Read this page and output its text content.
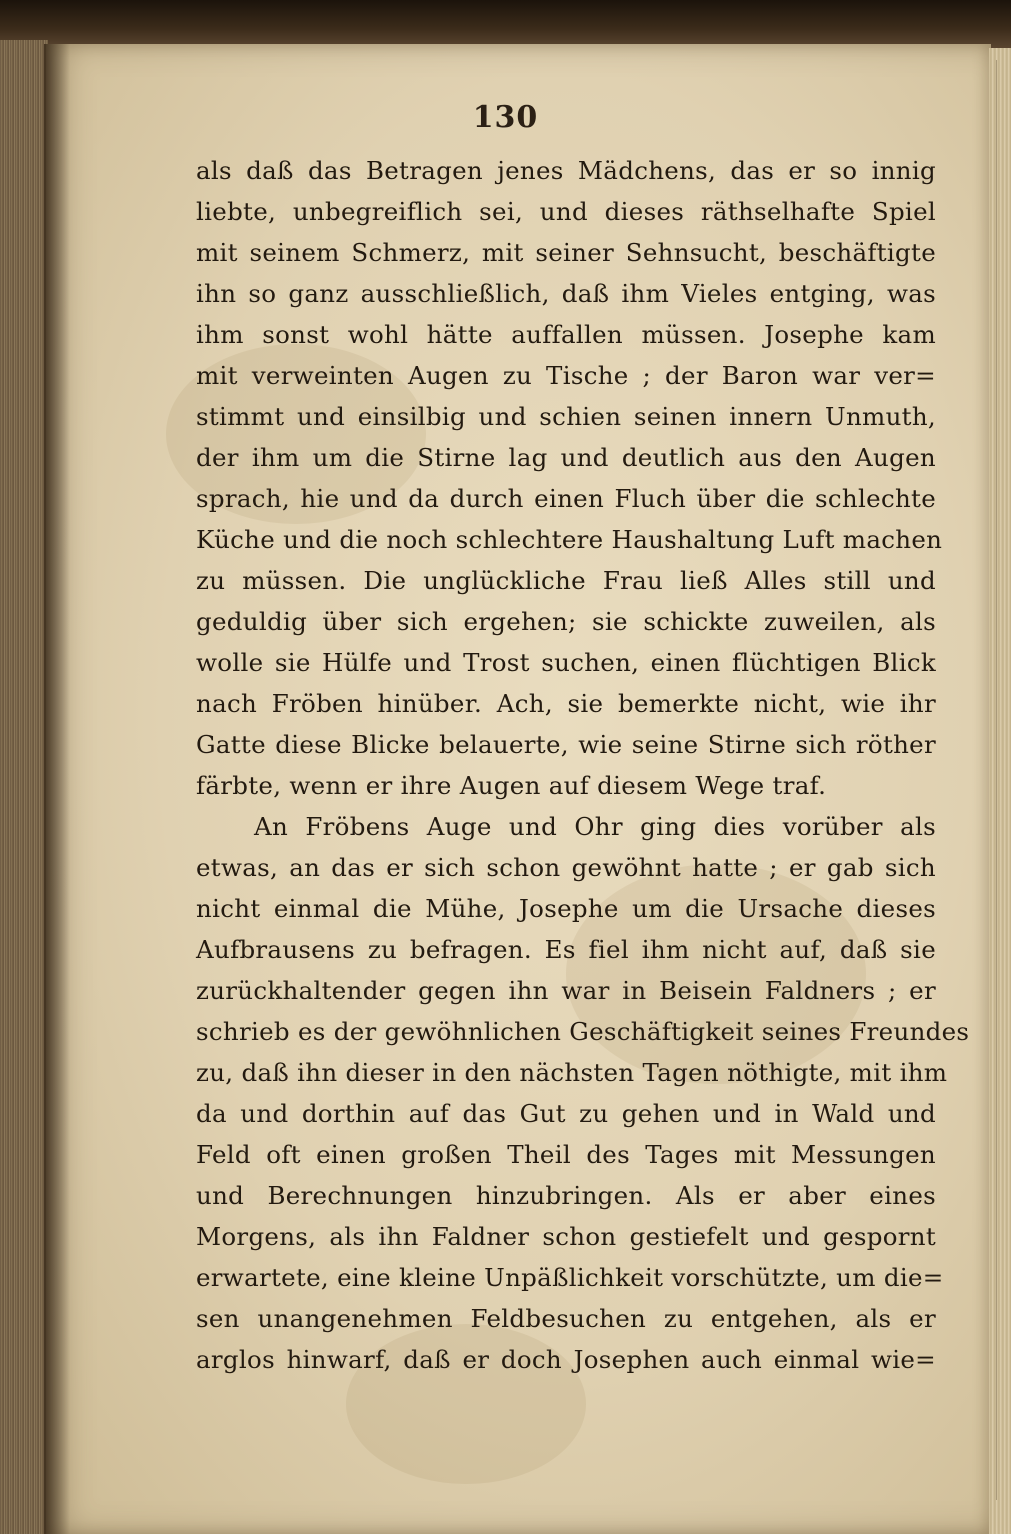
130
als daß das Betragen jenes Mädchens, das er so innig
liebte, unbegreiflich sei, und dieses räthselhafte Spiel
mit seinem Schmerz, mit seiner Sehnsucht, beschäftigte
ihn so ganz ausschließlich, daß ihm Vieles entging, was
ihm sonst wohl hätte auffallen müssen. Josephe kam
mit verweinten Augen zu Tische ; der Baron war ver=
stimmt und einsilbig und schien seinen innern Unmuth,
der ihm um die Stirne lag und deutlich aus den Augen
sprach, hie und da durch einen Fluch über die schlechte
Küche und die noch schlechtere Haushaltung Luft machen
zu müssen. Die unglückliche Frau ließ Alles still und
geduldig über sich ergehen; sie schickte zuweilen, als
wolle sie Hülfe und Trost suchen, einen flüchtigen Blick
nach Fröben hinüber. Ach, sie bemerkte nicht, wie ihr
Gatte diese Blicke belauerte, wie seine Stirne sich röther
färbte, wenn er ihre Augen auf diesem Wege traf.
An Fröbens Auge und Ohr ging dies vorüber als
etwas, an das er sich schon gewöhnt hatte ; er gab sich
nicht einmal die Mühe, Josephe um die Ursache dieses
Aufbrausens zu befragen. Es fiel ihm nicht auf, daß sie
zurückhaltender gegen ihn war in Beisein Faldners ; er
schrieb es der gewöhnlichen Geschäftigkeit seines Freundes
zu, daß ihn dieser in den nächsten Tagen nöthigte, mit ihm
da und dorthin auf das Gut zu gehen und in Wald und
Feld oft einen großen Theil des Tages mit Messungen
und Berechnungen hinzubringen. Als er aber eines
Morgens, als ihn Faldner schon gestiefelt und gespornt
erwartete, eine kleine Unpäßlichkeit vorschützte, um die=
sen unangenehmen Feldbesuchen zu entgehen, als er
arglos hinwarf, daß er doch Josephen auch einmal wie=
